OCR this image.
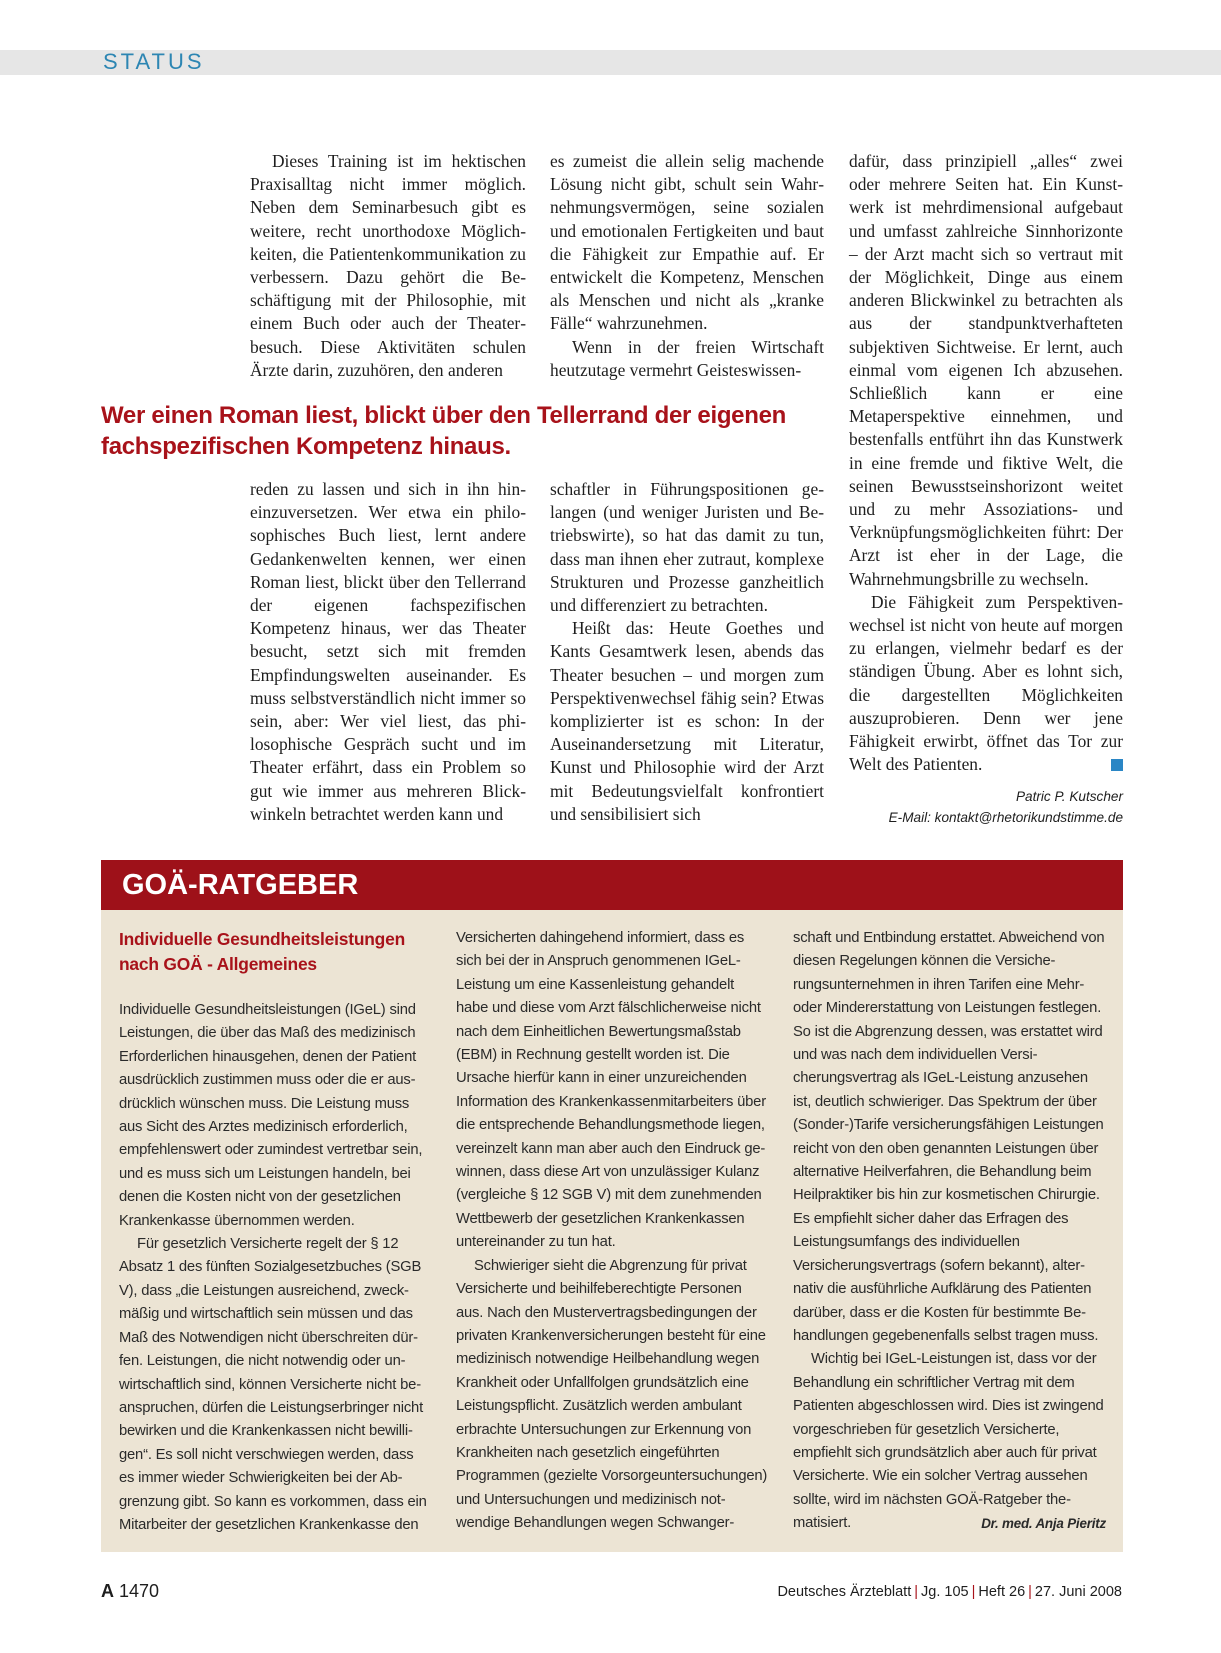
STATUS

Dieses Training ist im hektischen Praxisalltag nicht immer möglich. Neben dem Seminarbesuch gibt es weitere, recht unorthodoxe Möglichkeiten, die Patientenkommunikation zu verbessern. Dazu gehört die Beschäftigung mit der Philosophie, mit einem Buch oder auch der Theaterbesuch. Diese Aktivitäten schulen Ärzte darin, zuzuhören, den anderen

es zumeist die allein selig machende Lösung nicht gibt, schult sein Wahrnehmungsvermögen, seine sozialen und emotionalen Fertigkeiten und baut die Fähigkeit zur Empathie auf. Er entwickelt die Kompetenz, Menschen als Menschen und nicht als „kranke Fälle“ wahrzunehmen.

Wenn in der freien Wirtschaft heutzutage vermehrt Geisteswissen-

dafür, dass prinzipiell „alles“ zwei oder mehrere Seiten hat. Ein Kunstwerk ist mehrdimensional aufgebaut und umfasst zahlreiche Sinnhorizonte – der Arzt macht sich so vertraut mit der Möglichkeit, Dinge aus einem anderen Blickwinkel zu betrachten als aus der standpunktverhafteten subjektiven Sichtweise. Er lernt, auch einmal vom eigenen Ich abzusehen. Schließlich kann er eine Metaperspektive einnehmen, und bestenfalls entführt ihn das Kunstwerk in eine fremde und fiktive Welt, die seinen Bewusstseinshorizont weitet und zu mehr Assoziations- und Verknüpfungsmöglichkeiten führt: Der Arzt ist eher in der Lage, die Wahrnehmungsbrille zu wechseln.

Die Fähigkeit zum Perspektivenwechsel ist nicht von heute auf morgen zu erlangen, vielmehr bedarf es der ständigen Übung. Aber es lohnt sich, die dargestellten Möglichkeiten auszuprobieren. Denn wer jene Fähigkeit erwirbt, öffnet das Tor zur Welt des Patienten.

Wer einen Roman liest, blickt über den Tellerrand der eigenen fachspezifischen Kompetenz hinaus.

reden zu lassen und sich in ihn hineinzuversetzen. Wer etwa ein philosophisches Buch liest, lernt andere Gedankenwelten kennen, wer einen Roman liest, blickt über den Tellerrand der eigenen fachspezifischen Kompetenz hinaus, wer das Theater besucht, setzt sich mit fremden Empfindungswelten auseinander. Es muss selbstverständlich nicht immer so sein, aber: Wer viel liest, das philosophische Gespräch sucht und im Theater erfährt, dass ein Problem so gut wie immer aus mehreren Blickwinkeln betrachtet werden kann und

schaftler in Führungspositionen gelangen (und weniger Juristen und Betriebswirte), so hat das damit zu tun, dass man ihnen eher zutraut, komplexe Strukturen und Prozesse ganzheitlich und differenziert zu betrachten.

Heißt das: Heute Goethes und Kants Gesamtwerk lesen, abends das Theater besuchen – und morgen zum Perspektivenwechsel fähig sein? Etwas komplizierter ist es schon: In der Auseinandersetzung mit Literatur, Kunst und Philosophie wird der Arzt mit Bedeutungsvielfalt konfrontiert und sensibilisiert sich

Patric P. Kutscher
E-Mail: kontakt@rhetorikundstimme.de
GOÄ-RATGEBER

Individuelle Gesundheitsleistungen
nach GOÄ - Allgemeines

Individuelle Gesundheitsleistungen (IGeL) sind Leistungen, die über das Maß des medizinisch Erforderlichen hinausgehen, denen der Patient ausdrücklich zustimmen muss oder die er ausdrücklich wünschen muss. Die Leistung muss aus Sicht des Arztes medizinisch erforderlich, empfehlenswert oder zumindest vertretbar sein, und es muss sich um Leistungen handeln, bei denen die Kosten nicht von der gesetzlichen Krankenkasse übernommen werden.

Für gesetzlich Versicherte regelt der § 12 Absatz 1 des fünften Sozialgesetzbuches (SGB V), dass „die Leistungen ausreichend, zweckmäßig und wirtschaftlich sein müssen und das Maß des Notwendigen nicht überschreiten dürfen. Leistungen, die nicht notwendig oder unwirtschaftlich sind, können Versicherte nicht beanspruchen, dürfen die Leistungserbringer nicht bewirken und die Krankenkassen nicht bewilligen“. Es soll nicht verschwiegen werden, dass es immer wieder Schwierigkeiten bei der Abgrenzung gibt. So kann es vorkommen, dass ein Mitarbeiter der gesetzlichen Krankenkasse den

Versicherten dahingehend informiert, dass es sich bei der in Anspruch genommenen IGeL-Leistung um eine Kassenleistung gehandelt habe und diese vom Arzt fälschlicherweise nicht nach dem Einheitlichen Bewertungsmaßstab (EBM) in Rechnung gestellt worden ist. Die Ursache hierfür kann in einer unzureichenden Information des Krankenkassenmitarbeiters über die entsprechende Behandlungsmethode liegen, vereinzelt kann man aber auch den Eindruck gewinnen, dass diese Art von unzulässiger Kulanz (vergleiche § 12 SGB V) mit dem zunehmenden Wettbewerb der gesetzlichen Krankenkassen untereinander zu tun hat.

Schwieriger sieht die Abgrenzung für privat Versicherte und beihilfeberechtigte Personen aus. Nach den Mustervertragsbedingungen der privaten Krankenversicherungen besteht für eine medizinisch notwendige Heilbehandlung wegen Krankheit oder Unfallfolgen grundsätzlich eine Leistungspflicht. Zusätzlich werden ambulant erbrachte Untersuchungen zur Erkennung von Krankheiten nach gesetzlich eingeführten Programmen (gezielte Vorsorgeuntersuchungen) und Untersuchungen und medizinisch notwendige Behandlungen wegen Schwanger-

schaft und Entbindung erstattet. Abweichend von diesen Regelungen können die Versicherungsunternehmen in ihren Tarifen eine Mehr- oder Mindererstattung von Leistungen festlegen. So ist die Abgrenzung dessen, was erstattet wird und was nach dem individuellen Versicherungsvertrag als IGeL-Leistung anzusehen ist, deutlich schwieriger. Das Spektrum der über (Sonder-)Tarife versicherungsfähigen Leistungen reicht von den oben genannten Leistungen über alternative Heilverfahren, die Behandlung beim Heilpraktiker bis hin zur kosmetischen Chirurgie. Es empfiehlt sicher daher das Erfragen des Leistungsumfangs des individuellen Versicherungsvertrags (sofern bekannt), alternativ die ausführliche Aufklärung des Patienten darüber, dass er die Kosten für bestimmte Behandlungen gegebenenfalls selbst tragen muss.

Wichtig bei IGeL-Leistungen ist, dass vor der Behandlung ein schriftlicher Vertrag mit dem Patienten abgeschlossen wird. Dies ist zwingend vorgeschrieben für gesetzlich Versicherte, empfiehlt sich grundsätzlich aber auch für privat Versicherte. Wie ein solcher Vertrag aussehen sollte, wird im nächsten GOÄ-Ratgeber thematisiert.	Dr. med. Anja Pieritz

A 1470	Deutsches Ärzteblatt | Jg. 105 | Heft 26 | 27. Juni 2008
